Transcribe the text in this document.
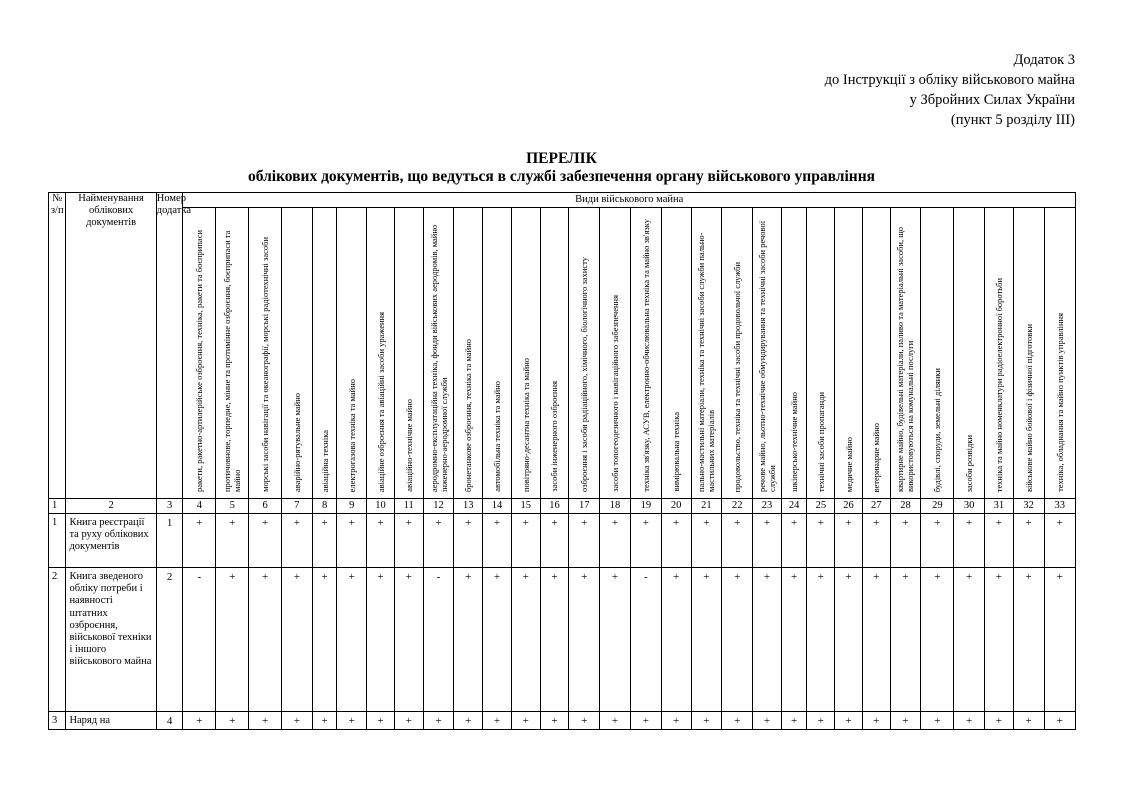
Додаток 3
до Інструкції з обліку військового майна
у Збройних Силах України
(пункт 5 розділу III)
ПЕРЕЛІК
облікових документів, що ведуться в службі забезпечення органу військового управління
№ з/п	Найменування облікових документів	Номер додатка	Види військового майна																													

			ракети, ракетно-артилерійське озброєння, техніка, ракети та боєприпаси	протичовнове, торпедне, мінне та протимінне озброєння, боєприпаси та майно	морські засоби навігації та океанографії, морські радіотехнічні засоби	аварійно-рятувальне майно	авіаційна техніка	електрогазова техніка та майно	авіаційне озброєння та авіаційні засоби ураження	авіаційно-технічне майно	аеродромно-експлуатаційна техніка, фонди військових аеродромів, майно інженерно-аеродромної служби	бронетанкове озброєння, техніка та майно	автомобільна техніка та майно	повітряно-десантна техніка та майно	засоби інженерного озброєння	озброєння і засоби радіаційного, хімічного, біологічного захисту	засоби топогеодезичного і навігаційного забезпечення	техніка зв'язку, АСУВ, електронно-обчислювальна техніка та майно зв'язку	вимірювальна техніка	пально-мастильні матеріали, техніка та технічні засоби служби пально-мастильних матеріалів	продовольство, техніка та технічні засоби продовольчої служби	речове майно, льотно-технічне обмундирування та технічні засоби речової служби	шкіперсько-технічне майно	технічні засоби пропаганди	медичне майно	ветеринарне майно	квартирне майно, будівельні матеріали, паливо та матеріальні засоби, що використовуються на комунальні послуги	будівлі, споруди, земельні ділянки	засоби розвідки	техніка та майно номенклатури радіоелектронної боротьби	військове майно бойової і фізичної підготовки	техніка, обладнання та майно пунктів управління

1	2	3	4	5	6	7	8	9	10	11	12	13	14	15	16	17	18	19	20	21	22	23	24	25	26	27	28	29	30	31	32	33
1	Книга реєстрації та руху облікових документів	1	+	+	+	+	+	+	+	+	+	+	+	+	+	+	+	+	+	+	+	+	+	+	+	+	+	+	+	+	+	+
2	Книга зведеного обліку потреби і наявності штатних озброєння, військової техніки і іншого військового майна	2	-	+	+	+	+	+	+	+	-	+	+	+	+	+	+	-	+	+	+	+	+	+	+	+	+	+	+	+	+	+
3	Наряд на	4	+	+	+	+	+	+	+	+	+	+	+	+	+	+	+	+	+	+	+	+	+	+	+	+	+	+	+	+	+	+
